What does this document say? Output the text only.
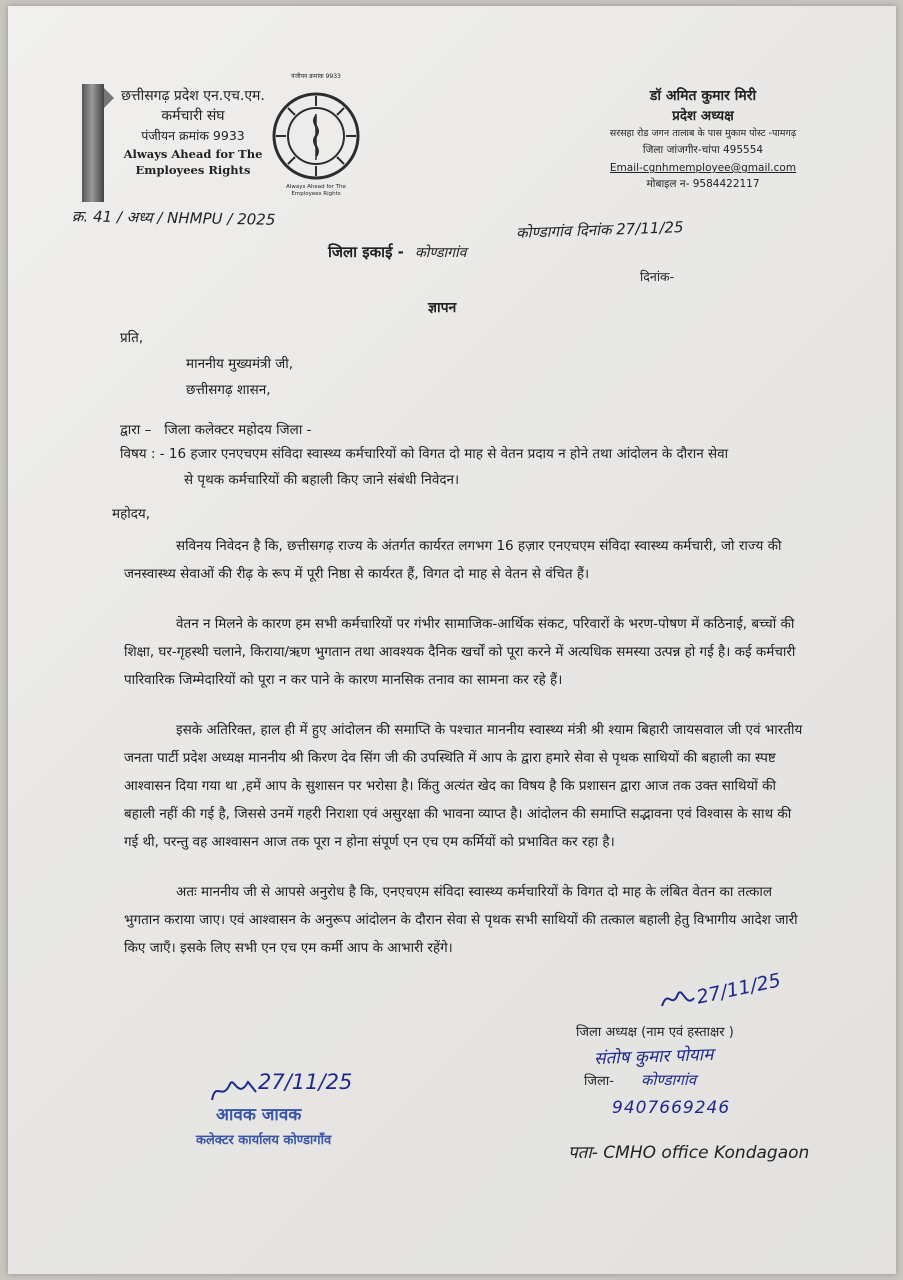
छत्तीसगढ़ प्रदेश एन.एच.एम.
कर्मचारी संघ
पंजीयन क्रमांक 9933
Always Ahead for The
Employees Rights
पंजीयन क्रमांक 9933
Always Ahead for The Employees Rights
डॉ अमित कुमार मिरी
प्रदेश अध्यक्ष
सरसहा रोड जगन तालाब के पास मुकाम पोस्ट -पामगढ़
जिला जांजगीर-चांपा 495554
Email-cgnhmemployee@gmail.com
मोबाइल न- 9584422117
क्र. 41 / अध्य / NHMPU / 2025
कोण्डागांव दिनांक 27/11/25
जिला इकाई - कोण्डागांव
दिनांक-
ज्ञापन
प्रति,
माननीय मुख्यमंत्री जी,
छत्तीसगढ़ शासन,
द्वारा –   जिला कलेक्टर महोदय जिला -
विषय : - 16 हजार एनएचएम संविदा स्वास्थ्य कर्मचारियों को विगत दो माह से वेतन प्रदाय न होने तथा आंदोलन के दौरान सेवा
से पृथक कर्मचारियों की बहाली किए जाने संबंधी निवेदन।
महोदय,

सविनय निवेदन है कि, छत्तीसगढ़ राज्य के अंतर्गत कार्यरत लगभग 16 हज़ार एनएचएम संविदा स्वास्थ्य कर्मचारी, जो राज्य की जनस्वास्थ्य सेवाओं की रीढ़ के रूप में पूरी निष्ठा से कार्यरत हैं, विगत दो माह से वेतन से वंचित हैं।

वेतन न मिलने के कारण हम सभी कर्मचारियों पर गंभीर सामाजिक-आर्थिक संकट, परिवारों के भरण-पोषण में कठिनाई, बच्चों की शिक्षा, घर-गृहस्थी चलाने, किराया/ऋण भुगतान तथा आवश्यक दैनिक खर्चों को पूरा करने में अत्यधिक समस्या उत्पन्न हो गई है। कई कर्मचारी पारिवारिक जिम्मेदारियों को पूरा न कर पाने के कारण मानसिक तनाव का सामना कर रहे हैं।

इसके अतिरिक्त, हाल ही में हुए आंदोलन की समाप्ति के पश्चात माननीय स्वास्थ्य मंत्री श्री श्याम बिहारी जायसवाल जी एवं भारतीय जनता पार्टी प्रदेश अध्यक्ष माननीय श्री किरण देव सिंग जी की उपस्थिति में आप के द्वारा हमारे सेवा से पृथक साथियों की बहाली का स्पष्ट आश्वासन दिया गया था ,हमें आप के सुशासन पर भरोसा है। किंतु अत्यंत खेद का विषय है कि प्रशासन द्वारा आज तक उक्त साथियों की बहाली नहीं की गई है, जिससे उनमें गहरी निराशा एवं असुरक्षा की भावना व्याप्त है। आंदोलन की समाप्ति सद्भावना एवं विश्वास के साथ की गई थी, परन्तु वह आश्वासन आज तक पूरा न होना संपूर्ण एन एच एम कर्मियों को प्रभावित कर रहा है।

अतः माननीय जी से आपसे अनुरोध है कि, एनएचएम संविदा स्वास्थ्य कर्मचारियों के विगत दो माह के लंबित वेतन का तत्काल भुगतान कराया जाए। एवं आश्वासन के अनुरूप आंदोलन के दौरान सेवा से पृथक सभी साथियों की तत्काल बहाली हेतु विभागीय आदेश जारी किए जाएँ। इसके लिए सभी एन एच एम कर्मी आप के आभारी रहेंगे।

27/11/25
जिला अध्यक्ष (नाम एवं हस्ताक्षर )
संतोष कुमार पोयाम
जिला- कोण्डागांव
9407669246
पता- CMHO office Kondagaon
27/11/25
आवक जावक
कलेक्टर कार्यालय कोण्डागाँव
